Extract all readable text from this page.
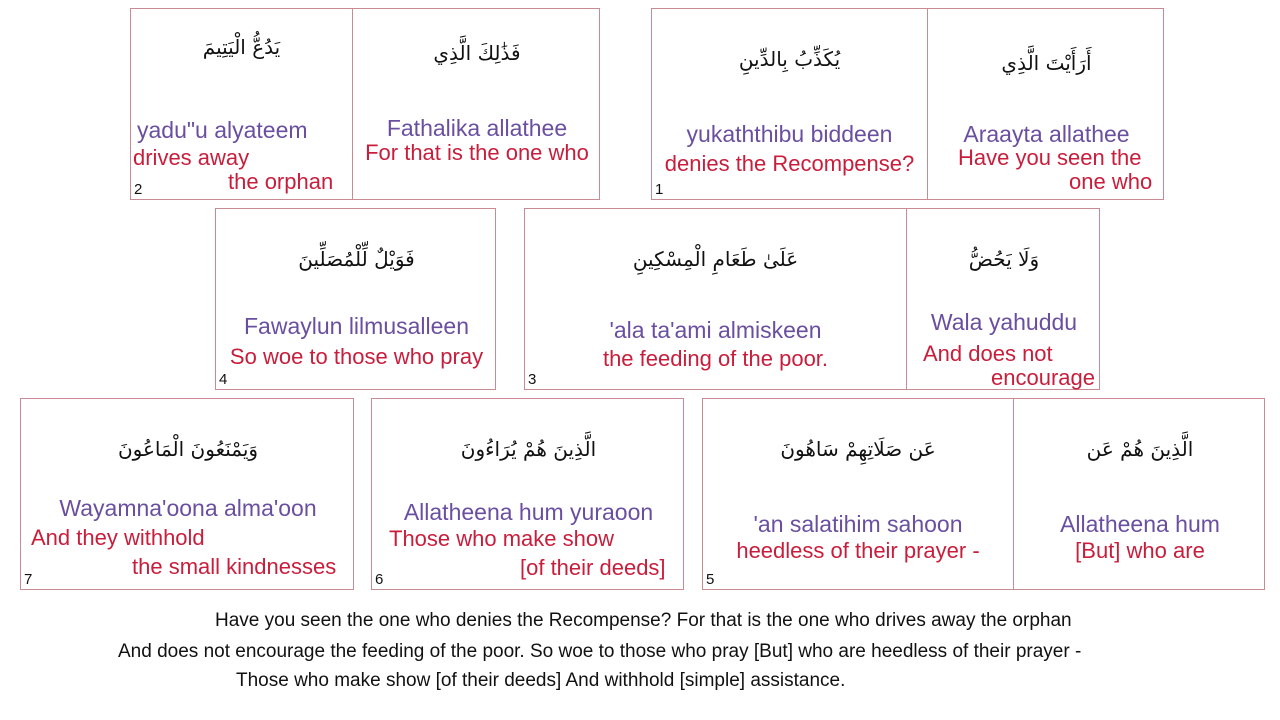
يَدُعُّ الْيَتِيمَ
yadu"u alyateem
drives away
the orphan
2
فَذَٰلِكَ الَّذِي
Fathalika allathee
For that is the one who
يُكَذِّبُ بِالدِّينِ
yukaththibu biddeen
denies the Recompense?
1
أَرَأَيْتَ الَّذِي
Araayta allathee
Have you seen the
one who
فَوَيْلٌ لِّلْمُصَلِّينَ
Fawaylun lilmusalleen
So woe to those who pray
4
عَلَىٰ طَعَامِ الْمِسْكِينِ
'ala ta'ami almiskeen
the feeding of the poor.
3
وَلَا يَحُضُّ
Wala yahuddu
And does not
encourage
وَيَمْنَعُونَ الْمَاعُونَ
Wayamna'oona alma'oon
And they withhold
the small kindnesses
7
الَّذِينَ هُمْ يُرَاءُونَ
Allatheena hum yuraoon
Those who make show
[of their deeds]
6
عَن صَلَاتِهِمْ سَاهُونَ
'an salatihim sahoon
heedless of their prayer -
5
الَّذِينَ هُمْ عَن
Allatheena hum
[But] who are
Have you seen the one who denies the Recompense? For that is the one who drives away the orphan
And does not encourage the feeding of the poor. So woe to those who pray [But] who are heedless of their prayer -
Those who make show [of their deeds] And withhold [simple] assistance.
